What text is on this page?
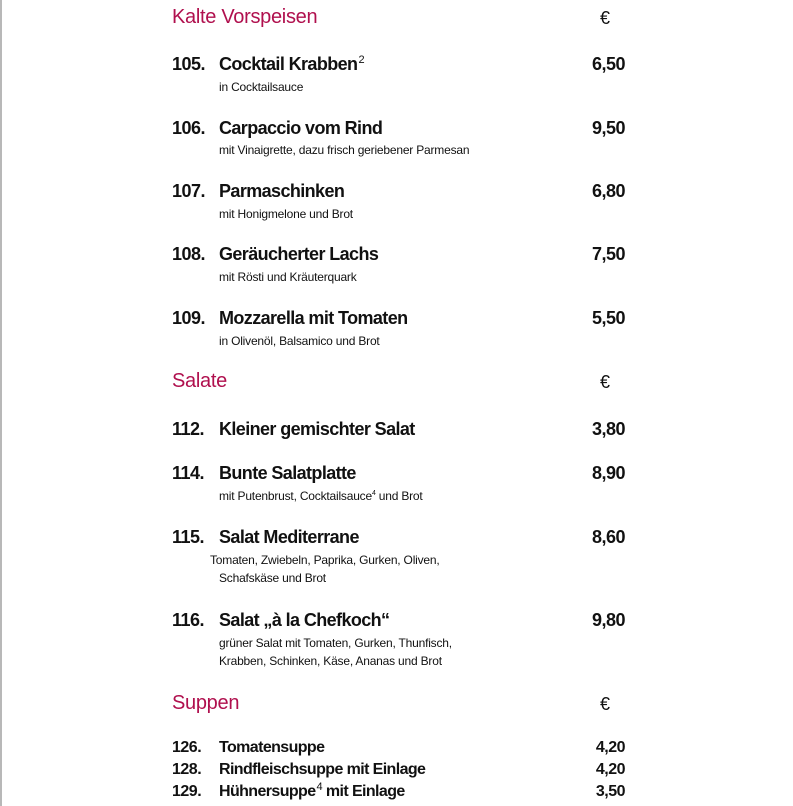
Kalte Vorspeisen	€
105. Cocktail Krabben$^2$	6,50
in Cocktailsauce
106. Carpaccio vom Rind	9,50
mit Vinaigrette, dazu frisch geriebener Parmesan
107. Parmaschinken	6,80
mit Honigmelone und Brot
108. Geräucherter Lachs	7,50
mit Rösti und Kräuterquark
109. Mozzarella mit Tomaten	5,50
in Olivenöl, Balsamico und Brot
Salate	€
112. Kleiner gemischter Salat	3,80
114. Bunte Salatplatte	8,90
mit Putenbrust, Cocktailsauce$^4$ und Brot
115. Salat Mediterrane	8,60
Tomaten, Zwiebeln, Paprika, Gurken, Oliven,
Schafskäse und Brot
116. Salat „à la Chefkoch“	9,80
grüner Salat mit Tomaten, Gurken, Thunfisch,
Krabben, Schinken, Käse, Ananas und Brot
Suppen	€
126. Tomatensuppe	4,20
128. Rindfleischsuppe mit Einlage	4,20
129. Hühnersuppe$^4$ mit Einlage	3,50
